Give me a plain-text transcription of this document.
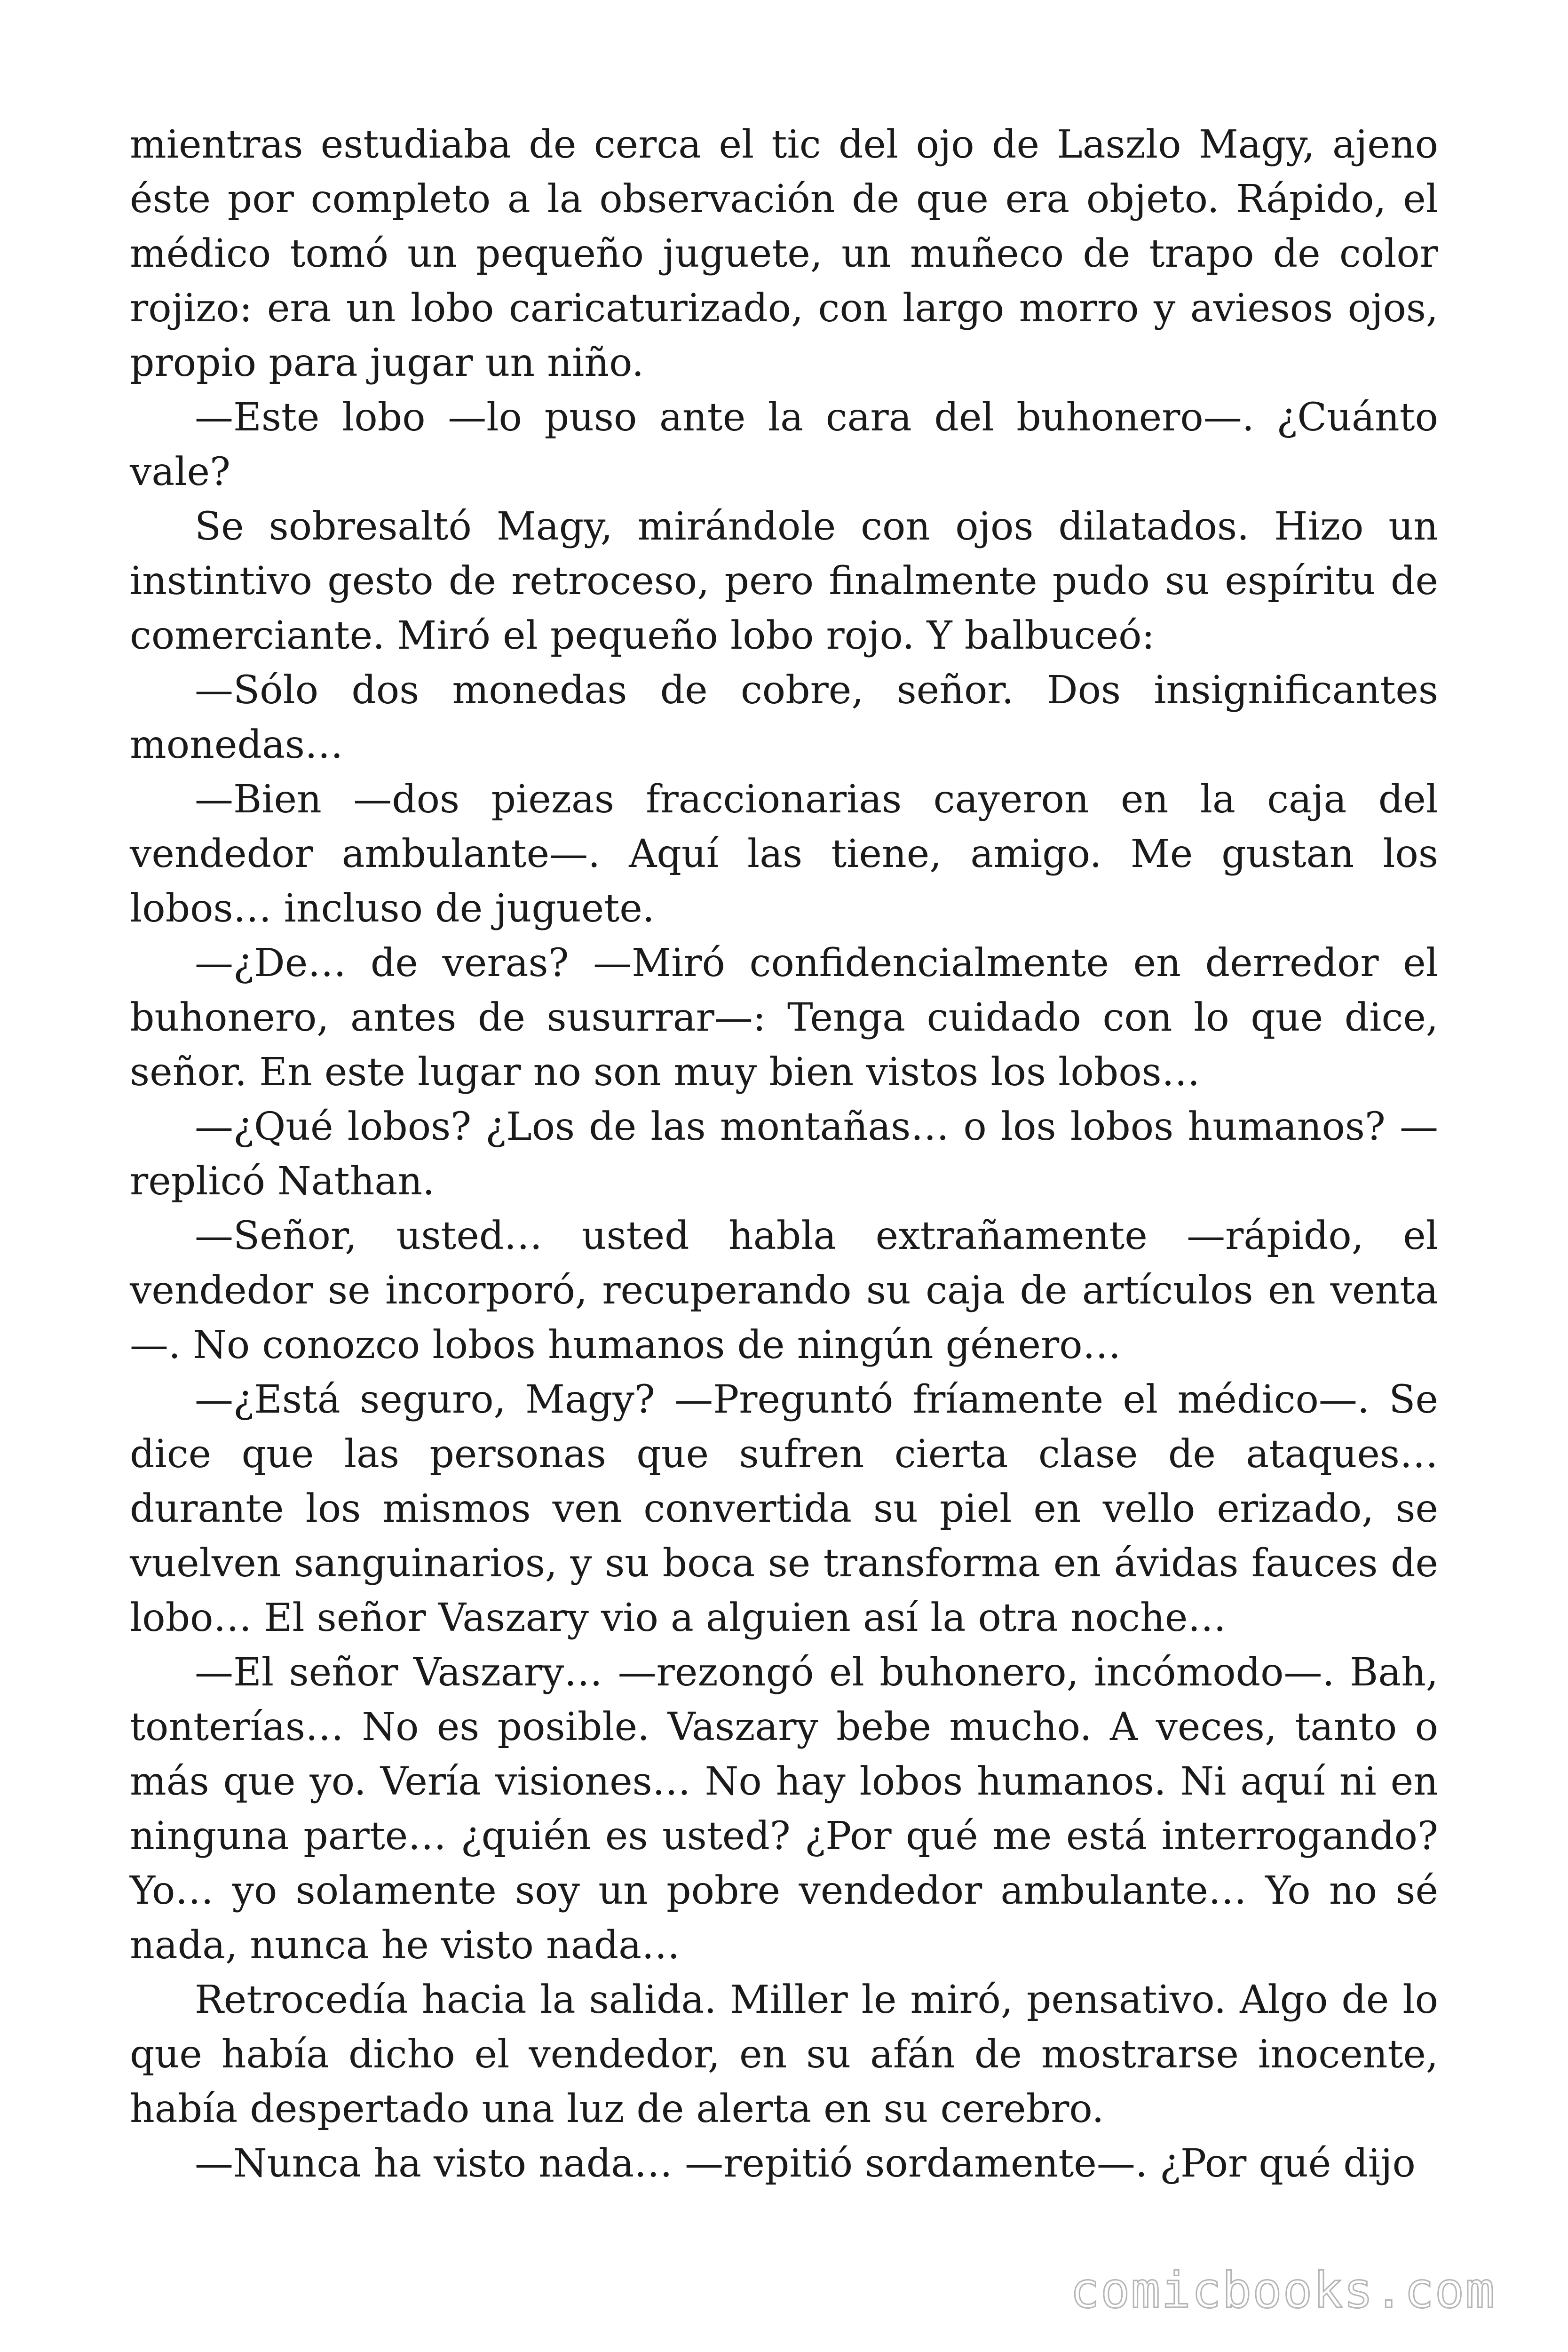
mientras estudiaba de cerca el tic del ojo de Laszlo Magy, ajeno éste por completo a la observación de que era objeto. Rápido, el médico tomó un pequeño juguete, un muñeco de trapo de color rojizo: era un lobo caricaturizado, con largo morro y aviesos ojos, propio para jugar un niño.

—Este lobo —lo puso ante la cara del buhonero—. ¿Cuánto vale?

Se sobresaltó Magy, mirándole con ojos dilatados. Hizo un instintivo gesto de retroceso, pero finalmente pudo su espíritu de comerciante. Miró el pequeño lobo rojo. Y balbuceó:

—Sólo dos monedas de cobre, señor. Dos insignificantes monedas…

—Bien —dos piezas fraccionarias cayeron en la caja del vendedor ambulante—. Aquí las tiene, amigo. Me gustan los lobos… incluso de juguete.

—¿De… de veras? —Miró confidencialmente en derredor el buhonero, antes de susurrar—: Tenga cuidado con lo que dice, señor. En este lugar no son muy bien vistos los lobos…

—¿Qué lobos? ¿Los de las montañas… o los lobos humanos? —replicó Nathan.

—Señor, usted… usted habla extrañamente —rápido, el vendedor se incorporó, recuperando su caja de artículos en venta—. No conozco lobos humanos de ningún género…

—¿Está seguro, Magy? —Preguntó fríamente el médico—. Se dice que las personas que sufren cierta clase de ataques… durante los mismos ven convertida su piel en vello erizado, se vuelven sanguinarios, y su boca se transforma en ávidas fauces de lobo… El señor Vaszary vio a alguien así la otra noche…

—El señor Vaszary… —rezongó el buhonero, incómodo—. Bah, tonterías… No es posible. Vaszary bebe mucho. A veces, tanto o más que yo. Vería visiones… No hay lobos humanos. Ni aquí ni en ninguna parte… ¿quién es usted? ¿Por qué me está interrogando? Yo… yo solamente soy un pobre vendedor ambulante… Yo no sé nada, nunca he visto nada…

Retrocedía hacia la salida. Miller le miró, pensativo. Algo de lo que había dicho el vendedor, en su afán de mostrarse inocente, había despertado una luz de alerta en su cerebro.

—Nunca ha visto nada… —repitió sordamente—. ¿Por qué dijo

comicbooks.com
